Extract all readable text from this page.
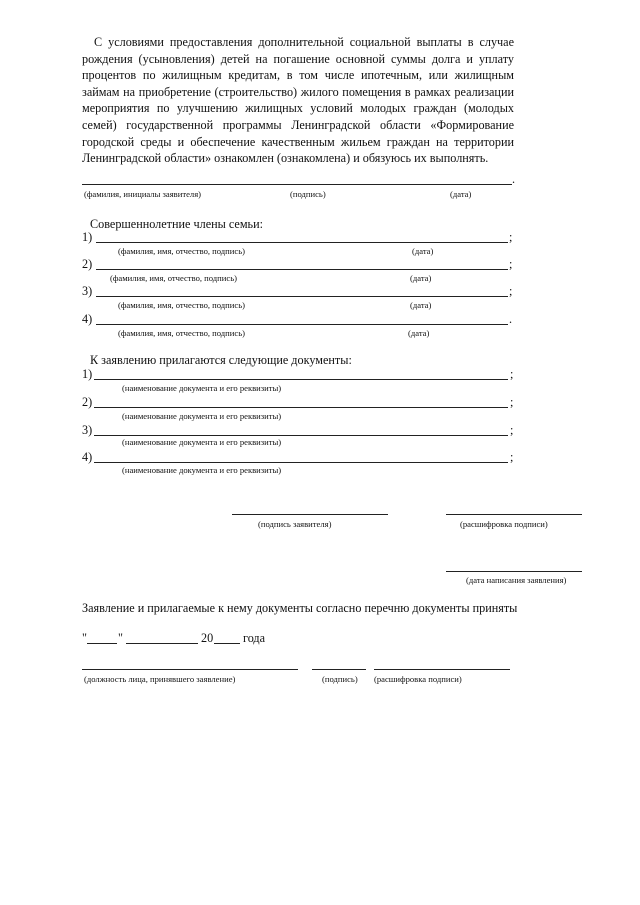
С условиями предоставления дополнительной социальной выплаты в случае рождения (усыновления) детей на погашение основной суммы долга и уплату процентов по жилищным кредитам, в том числе ипотечным, или жилищным займам на приобретение (строительство) жилого помещения в рамках реализации мероприятия по улучшению жилищных условий молодых граждан (молодых семей) государственной программы Ленинградской области «Формирование городской среды и обеспечение качественным жильем граждан на территории Ленинградской области» ознакомлен (ознакомлена) и обязуюсь их выполнять.

.
(фамилия, инициалы заявителя)	(подпись)	(дата)
Совершеннолетние члены семьи:
1)	;
(фамилия, имя, отчество, подпись)	(дата)
2)	;
(фамилия, имя, отчество, подпись)	(дата)
3)	;
(фамилия, имя, отчество, подпись)	(дата)
4)	.
(фамилия, имя, отчество, подпись)	(дата)
К заявлению прилагаются следующие документы:
1)	;
(наименование документа и его реквизиты)
2)	;
(наименование документа и его реквизиты)
3)	;
(наименование документа и его реквизиты)
4)	;
(наименование документа и его реквизиты)
(подпись заявителя)	(расшифровка подписи)
(дата написания заявления)
Заявление и прилагаемые к нему документы согласно перечню документы приняты
"	"	20 года
(должность лица, принявшего заявление)	(подпись) (расшифровка подписи)
